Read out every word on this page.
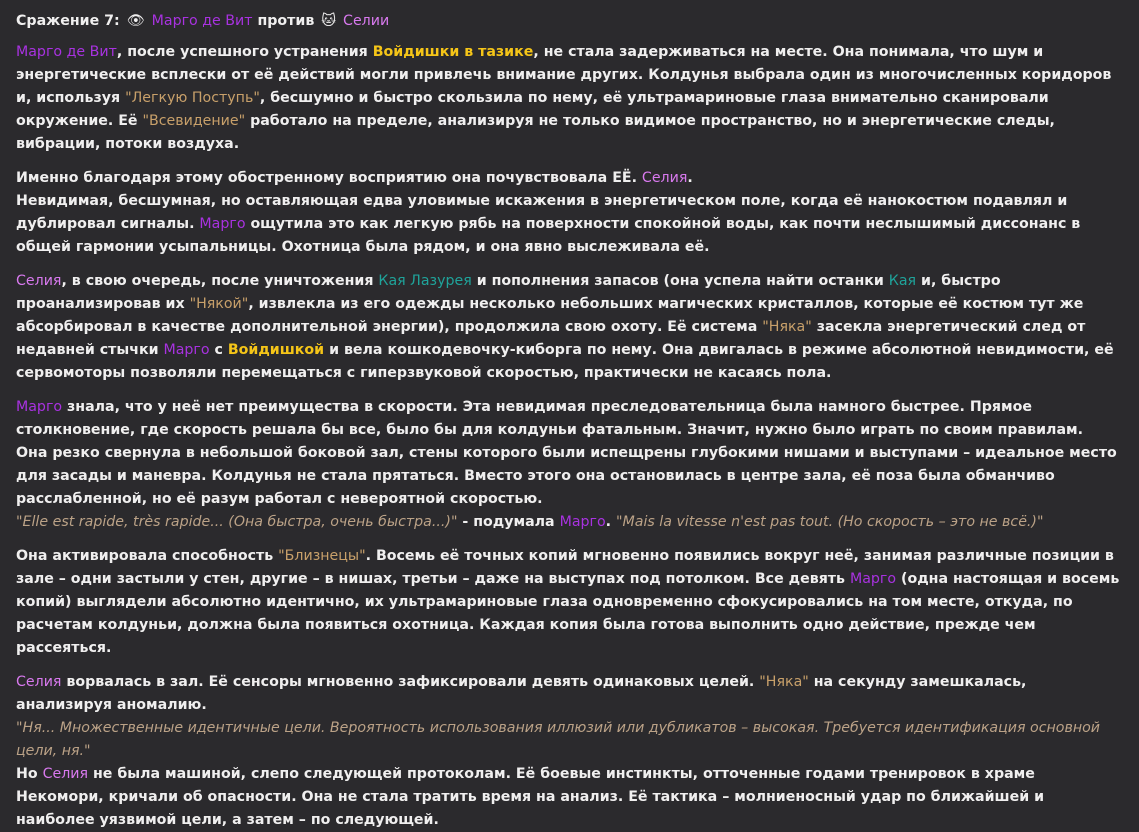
Сражение 7: 👁 Марго де Вит против 🐱 Селии

Марго де Вит, после успешного устранения Войдишки в тазике, не стала задерживаться на месте. Она понимала, что шум и энергетические всплески от её действий могли привлечь внимание других. Колдунья выбрала один из многочисленных коридоров и, используя "Легкую Поступь", бесшумно и быстро скользила по нему, её ультрамариновые глаза внимательно сканировали окружение. Её "Всевидение" работало на пределе, анализируя не только видимое пространство, но и энергетические следы, вибрации, потоки воздуха.

Именно благодаря этому обостренному восприятию она почувствовала ЕЁ. Селия.

Невидимая, бесшумная, но оставляющая едва уловимые искажения в энергетическом поле, когда её нанокостюм подавлял и дублировал сигналы. Марго ощутила это как легкую рябь на поверхности спокойной воды, как почти неслышимый диссонанс в общей гармонии усыпальницы. Охотница была рядом, и она явно выслеживала её.

Селия, в свою очередь, после уничтожения Кая Лазурея и пополнения запасов (она успела найти останки Кая и, быстро проанализировав их "Някой", извлекла из его одежды несколько небольших магических кристаллов, которые её костюм тут же абсорбировал в качестве дополнительной энергии), продолжила свою охоту. Её система "Няка" засекла энергетический след от недавней стычки Марго с Войдишкой и вела кошкодевочку-киборга по нему. Она двигалась в режиме абсолютной невидимости, её сервомоторы позволяли перемещаться с гиперзвуковой скоростью, практически не касаясь пола.

Марго знала, что у неё нет преимущества в скорости. Эта невидимая преследовательница была намного быстрее. Прямое столкновение, где скорость решала бы все, было бы для колдуньи фатальным. Значит, нужно было играть по своим правилам.

Она резко свернула в небольшой боковой зал, стены которого были испещрены глубокими нишами и выступами – идеальное место для засады и маневра. Колдунья не стала прятаться. Вместо этого она остановилась в центре зала, её поза была обманчиво расслабленной, но её разум работал с невероятной скоростью.

"Elle est rapide, très rapide... (Она быстра, очень быстра...)" - подумала Марго. "Mais la vitesse n'est pas tout. (Но скорость – это не всё.)"

Она активировала способность "Близнецы". Восемь её точных копий мгновенно появились вокруг неё, занимая различные позиции в зале – одни застыли у стен, другие – в нишах, третьи – даже на выступах под потолком. Все девять Марго (одна настоящая и восемь копий) выглядели абсолютно идентично, их ультрамариновые глаза одновременно сфокусировались на том месте, откуда, по расчетам колдуньи, должна была появиться охотница. Каждая копия была готова выполнить одно действие, прежде чем рассеяться.

Селия ворвалась в зал. Её сенсоры мгновенно зафиксировали девять одинаковых целей. "Няка" на секунду замешкалась, анализируя аномалию.

"Ня... Множественные идентичные цели. Вероятность использования иллюзий или дубликатов – высокая. Требуется идентификация основной цели, ня."

Но Селия не была машиной, слепо следующей протоколам. Её боевые инстинкты, отточенные годами тренировок в храме Некомори, кричали об опасности. Она не стала тратить время на анализ. Её тактика – молниеносный удар по ближайшей и наиболее уязвимой цели, а затем – по следующей.
